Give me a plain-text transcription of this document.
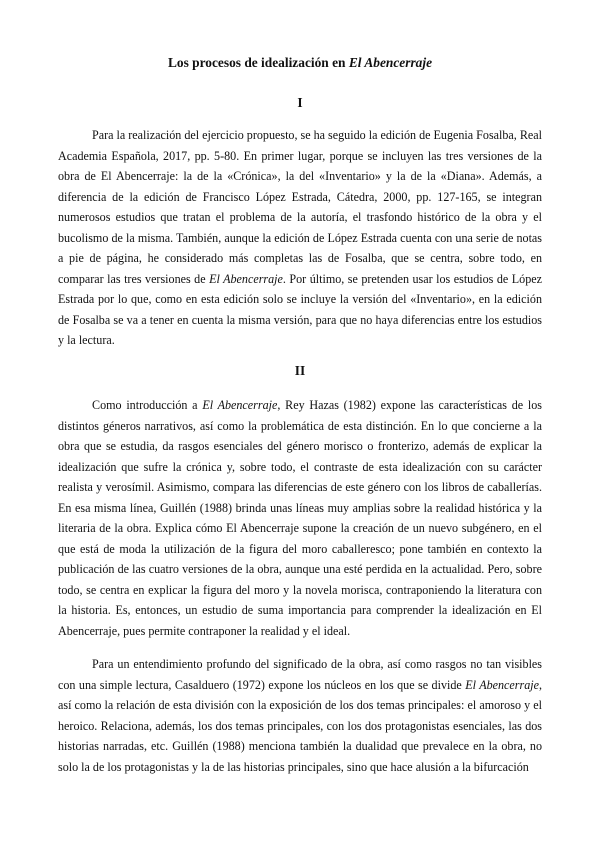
Los procesos de idealización en El Abencerraje
I

Para la realización del ejercicio propuesto, se ha seguido la edición de Eugenia Fosalba, Real Academia Española, 2017, pp. 5-80. En primer lugar, porque se incluyen las tres versiones de la obra de El Abencerraje: la de la «Crónica», la del «Inventario» y la de la «Diana». Además, a diferencia de la edición de Francisco López Estrada, Cátedra, 2000, pp. 127-165, se integran numerosos estudios que tratan el problema de la autoría, el trasfondo histórico de la obra y el bucolismo de la misma. También, aunque la edición de López Estrada cuenta con una serie de notas a pie de página, he considerado más completas las de Fosalba, que se centra, sobre todo, en comparar las tres versiones de El Abencerraje. Por último, se pretenden usar los estudios de López Estrada por lo que, como en esta edición solo se incluye la versión del «Inventario», en la edición de Fosalba se va a tener en cuenta la misma versión, para que no haya diferencias entre los estudios y la lectura.

II

Como introducción a El Abencerraje, Rey Hazas (1982) expone las características de los distintos géneros narrativos, así como la problemática de esta distinción. En lo que concierne a la obra que se estudia, da rasgos esenciales del género morisco o fronterizo, además de explicar la idealización que sufre la crónica y, sobre todo, el contraste de esta idealización con su carácter realista y verosímil. Asimismo, compara las diferencias de este género con los libros de caballerías. En esa misma línea, Guillén (1988) brinda unas líneas muy amplias sobre la realidad histórica y la literaria de la obra. Explica cómo El Abencerraje supone la creación de un nuevo subgénero, en el que está de moda la utilización de la figura del moro caballeresco; pone también en contexto la publicación de las cuatro versiones de la obra, aunque una esté perdida en la actualidad. Pero, sobre todo, se centra en explicar la figura del moro y la novela morisca, contraponiendo la literatura con la historia. Es, entonces, un estudio de suma importancia para comprender la idealización en El Abencerraje, pues permite contraponer la realidad y el ideal.

Para un entendimiento profundo del significado de la obra, así como rasgos no tan visibles con una simple lectura, Casalduero (1972) expone los núcleos en los que se divide El Abencerraje, así como la relación de esta división con la exposición de los dos temas principales: el amoroso y el heroico. Relaciona, además, los dos temas principales, con los dos protagonistas esenciales, las dos historias narradas, etc. Guillén (1988) menciona también la dualidad que prevalece en la obra, no solo la de los protagonistas y la de las historias principales, sino que hace alusión a la bifurcación
